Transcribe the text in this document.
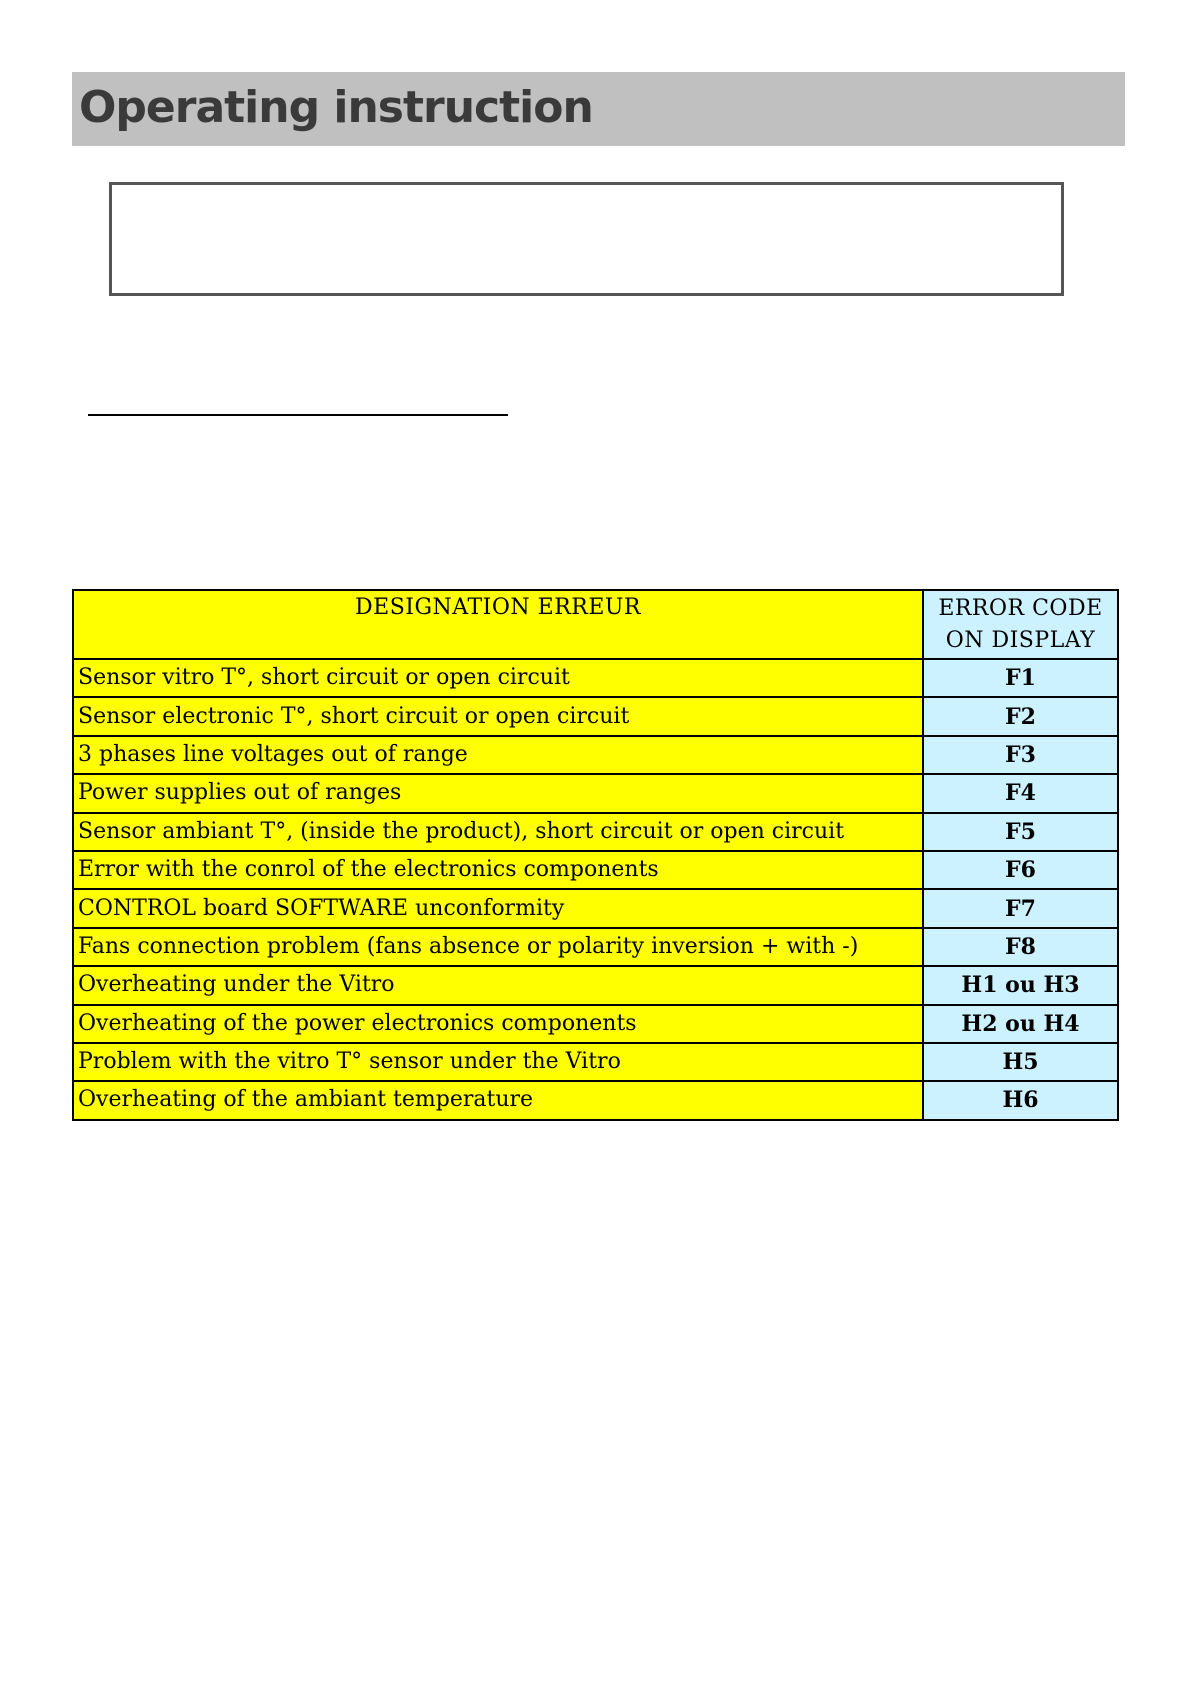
Operating instruction
DESIGNATION ERREUR	ERROR CODE
ON DISPLAY
Sensor vitro T°, short circuit or open circuit	F1
Sensor electronic T°, short circuit or open circuit	F2
3 phases line voltages out of range	F3
Power supplies out of ranges	F4
Sensor ambiant T°, (inside the product), short circuit or open circuit	F5
Error with the conrol of the electronics components	F6
CONTROL board SOFTWARE unconformity	F7
Fans connection problem (fans absence or polarity inversion + with -)	F8
Overheating under the Vitro	H1 ou H3
Overheating of the power electronics components	H2 ou H4
Problem with the vitro T° sensor under the Vitro	H5
Overheating of the ambiant temperature	H6
